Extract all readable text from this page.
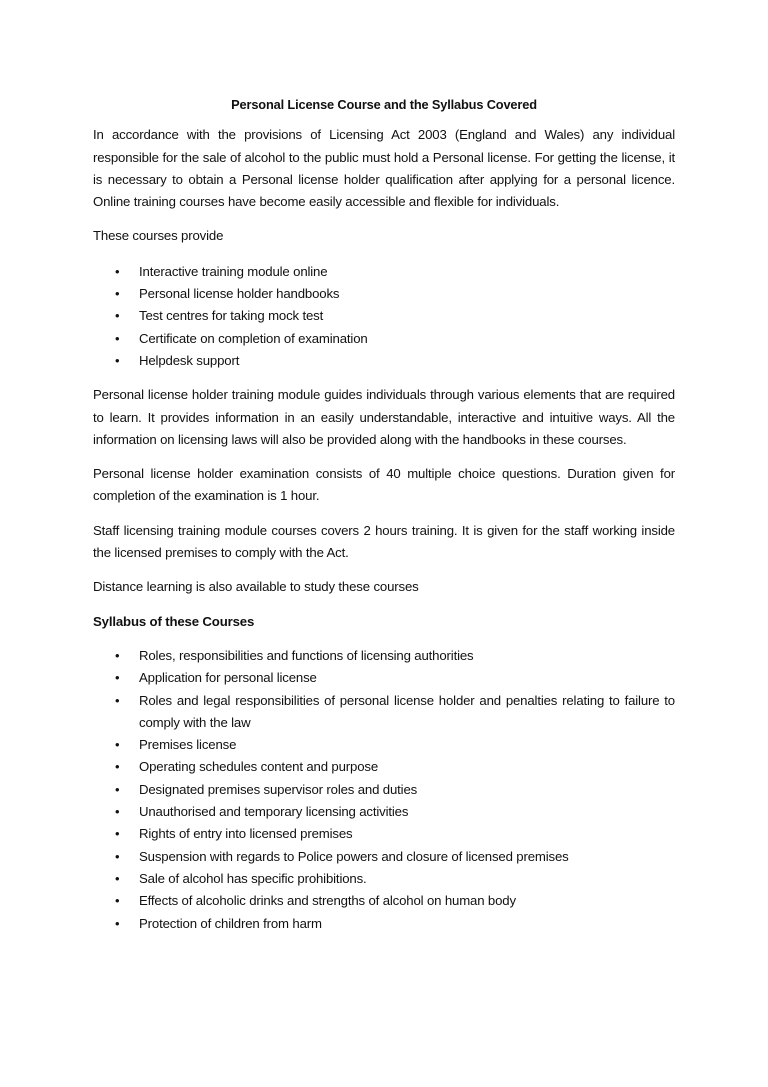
Personal License Course and the Syllabus Covered

In accordance with the provisions of Licensing Act 2003 (England and Wales) any individual responsible for the sale of alcohol to the public must hold a Personal license. For getting the license, it is necessary to obtain a Personal license holder qualification after applying for a personal licence. Online training courses have become easily accessible and flexible for individuals.

These courses provide

• Interactive training module online
• Personal license holder handbooks
• Test centres for taking mock test
• Certificate on completion of examination
• Helpdesk support

Personal license holder training module guides individuals through various elements that are required to learn. It provides information in an easily understandable, interactive and intuitive ways. All the information on licensing laws will also be provided along with the handbooks in these courses.

Personal license holder examination consists of 40 multiple choice questions. Duration given for completion of the examination is 1 hour.

Staff licensing training module courses covers 2 hours training. It is given for the staff working inside the licensed premises to comply with the Act.

Distance learning is also available to study these courses

Syllabus of these Courses
• Roles, responsibilities and functions of licensing authorities
• Application for personal license
• Roles and legal responsibilities of personal license holder and penalties relating to failure to comply with the law
• Premises license
• Operating schedules content and purpose
• Designated premises supervisor roles and duties
• Unauthorised and temporary licensing activities
• Rights of entry into licensed premises
• Suspension with regards to Police powers and closure of licensed premises
• Sale of alcohol has specific prohibitions.
• Effects of alcoholic drinks and strengths of alcohol on human body
• Protection of children from harm
